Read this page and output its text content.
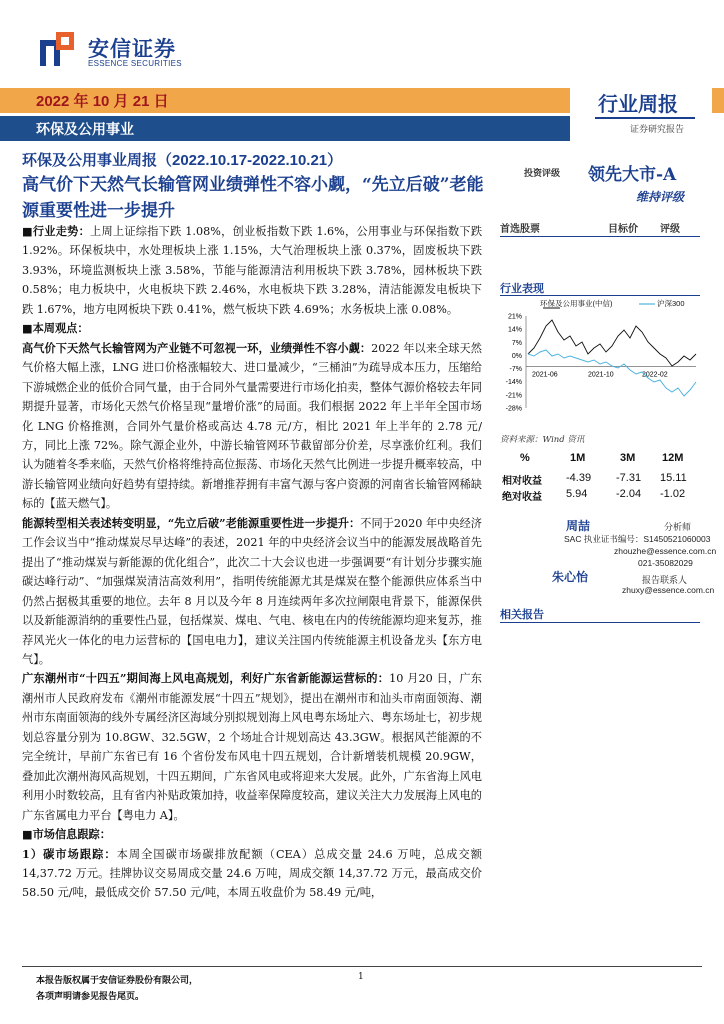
安信证券
ESSENCE SECURITIES
2022 年 10 月 21 日
环保及公用事业
行业周报
证券研究报告
环保及公用事业周报（2022.10.17-2022.10.21）
高气价下天然气长输管网业绩弹性不容小觑，“先立后破”老能源重要性进一步提升

■行业走势：上周上证综指下跌 1.08%，创业板指数下跌 1.6%，公用事业与环保指数下跌 1.92%。环保板块中，水处理板块上涨 1.15%，大气治理板块上涨 0.37%，固废板块下跌 3.93%，环境监测板块上涨 3.58%，节能与能源清洁利用板块下跌 3.78%，园林板块下跌 0.58%；电力板块中，火电板块下跌 2.46%，水电板块下跌 3.28%，清洁能源发电板块下跌 1.67%，地方电网板块下跌 0.41%，燃气板块下跌 4.69%；水务板块上涨 0.08%。

■本周观点：

高气价下天然气长输管网为产业链不可忽视一环，业绩弹性不容小觑：2022 年以来全球天然气价格大幅上涨，LNG 进口价格涨幅较大、进口量减少，“三桶油”为疏导成本压力，压缩给下游城燃企业的低价合同气量，由于合同外气量需要进行市场化拍卖，整体气源价格较去年同期提升显著，市场化天然气价格呈现“量增价涨”的局面。我们根据 2022 年上半年全国市场化 LNG 价格推测，合同外气量价格或高达 4.78 元/方，相比 2021 年上半年的 2.78 元/方，同比上涨 72%。除气源企业外，中游长输管网环节截留部分价差，尽享涨价红利。我们认为随着冬季来临，天然气价格将维持高位振荡、市场化天然气比例进一步提升概率较高，中游长输管网业绩向好趋势有望持续。新增推荐拥有丰富气源与客户资源的河南省长输管网稀缺标的【蓝天燃气】。

能源转型相关表述转变明显，“先立后破”老能源重要性进一步提升：不同于2020 年中央经济工作会议当中“推动煤炭尽早达峰”的表述，2021 年的中央经济会议当中的能源发展战略首先提出了“推动煤炭与新能源的优化组合”，此次二十大会议也进一步强调要“有计划分步骤实施碳达峰行动”、“加强煤炭清洁高效利用”，指明传统能源尤其是煤炭在整个能源供应体系当中仍然占据极其重要的地位。去年 8 月以及今年 8 月连续两年多次拉闸限电背景下，能源保供以及新能源消纳的重要性凸显，包括煤炭、煤电、气电、核电在内的传统能源均迎来复苏，推荐风光火一体化的电力运营标的【国电电力】，建议关注国内传统能源主机设备龙头【东方电气】。

广东潮州市“十四五”期间海上风电高规划，利好广东省新能源运营标的：10 月20 日，广东潮州市人民政府发布《潮州市能源发展“十四五”规划》，提出在潮州市和汕头市南面领海、潮州市东南面领海的线外专属经济区海域分别拟规划海上风电粤东场址六、粤东场址七，初步规划总容量分别为 10.8GW、32.5GW，2 个场址合计规划高达 43.3GW。根据风芒能源的不完全统计，早前广东省已有 16 个省份发布风电十四五规划，合计新增装机规模 20.9GW，叠加此次潮州海风高规划，十四五期间，广东省风电或将迎来大发展。此外，广东省海上风电利用小时数较高，且有省内补贴政策加持，收益率保障度较高，建议关注大力发展海上风电的广东省属电力平台【粤电力 A】。

■市场信息跟踪：

1）碳市场跟踪：本周全国碳市场碳排放配额（CEA）总成交量 24.6 万吨，总成交额 14,37.72 万元。挂牌协议交易周成交量 24.6 万吨，周成交额 14,37.72 万元，最高成交价 58.50 元/吨，最低成交价 57.50 元/吨，本周五收盘价为 58.49 元/吨，

投资评级 领先大市-A
维持评级
首选股票	目标价 评级
行业表现
环保及公用事业(中信)	沪深300
21%
14%
7%
0%
-7%
-14%
-21%
-28%
2021-06	2021-10	2022-02
资料来源：Wind 资讯
%	1M	3M 12M
相对收益 -4.39 -7.31 15.11
绝对收益 5.94	-2.04 -1.02
周喆	分析师
SAC 执业证书编号：S1450521060003
zhouzhe@essence.com.cn
021-35082029
朱心怡	报告联系人
zhuxy@essence.com.cn
相关报告
本报告版权属于安信证券股份有限公司，
各项声明请参见报告尾页。
1
